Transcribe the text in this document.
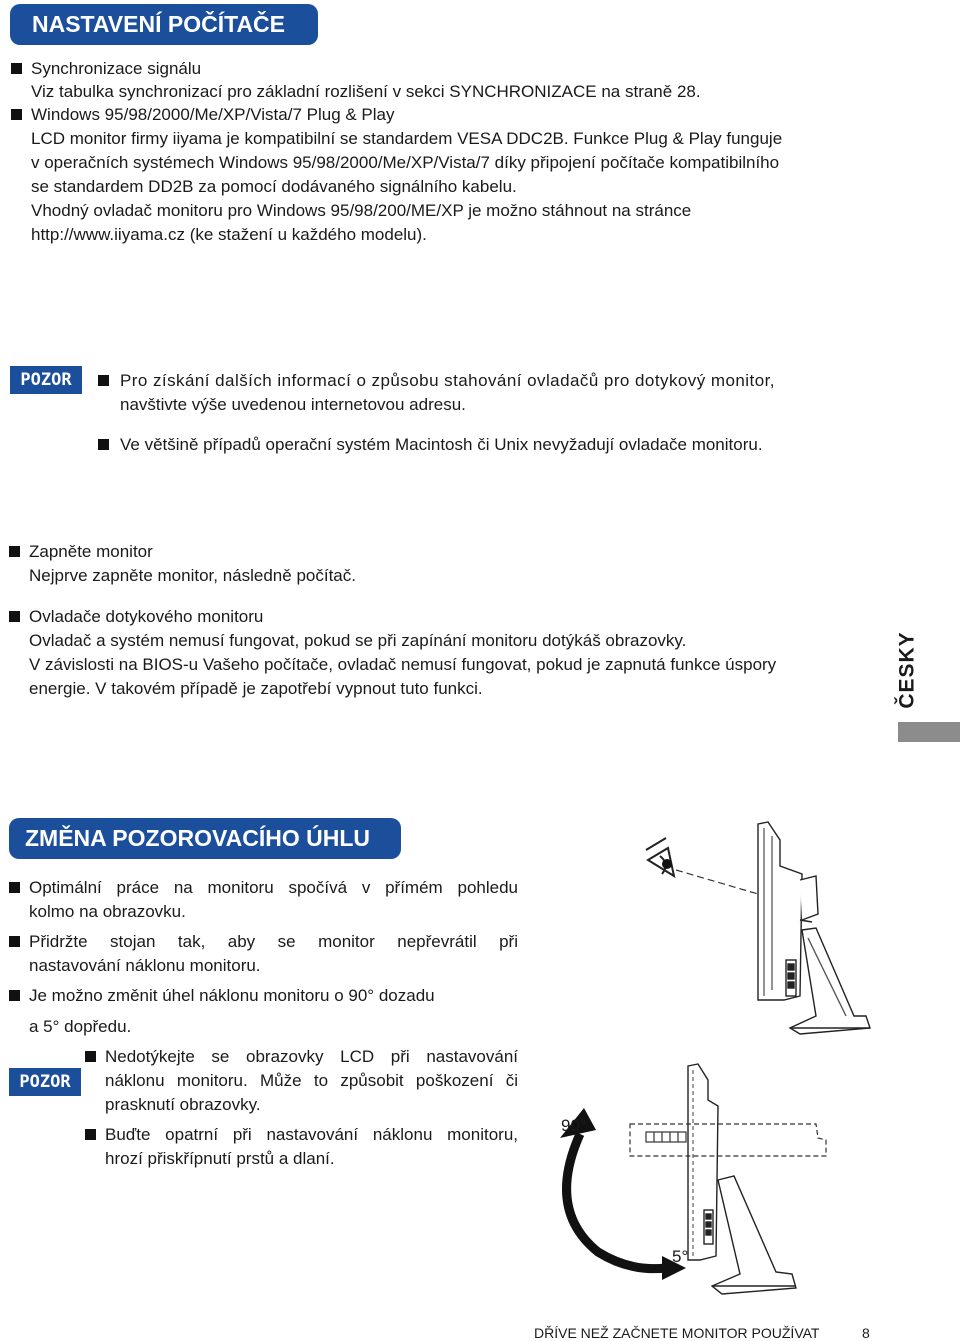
NASTAVENÍ POČÍTAČE

Synchronizace signálu

Viz tabulka synchronizací pro základní rozlišení v sekci SYNCHRONIZACE na straně 28.

Windows 95/98/2000/Me/XP/Vista/7 Plug & Play

LCD monitor firmy iiyama je kompatibilní se standardem VESA DDC2B. Funkce Plug & Play funguje

v operačních systémech Windows 95/98/2000/Me/XP/Vista/7 díky připojení počítače kompatibilního

se standardem DD2B za pomocí dodávaného signálního kabelu.

Vhodný ovladač monitoru pro Windows 95/98/200/ME/XP je možno stáhnout na stránce

http://www.iiyama.cz (ke stažení u každého modelu).

POZOR	Pro získání dalších informací o způsobu stahování ovladačů pro dotykový monitor,

navštivte výše uvedenou internetovou adresu.

Ve většině případů operační systém Macintosh či Unix nevyžadují ovladače monitoru.

Zapněte monitor

Nejprve zapněte monitor, následně počítač.

Ovladače dotykového monitoru

Ovladač a systém nemusí fungovat, pokud se při zapínání monitoru dotýkáš obrazovky.

V závislosti na BIOS-u Vašeho počítače, ovladač nemusí fungovat, pokud je zapnutá funkce úspory

energie. V takovém případě je zapotřebí vypnout tuto funkci.	ČESKY
ZMĚNA POZOROVACÍHO ÚHLU

Optimální práce na monitoru spočívá v přímém pohledu

kolmo na obrazovku.

Přidržte stojan tak, aby se monitor nepřevrátil při

nastavování náklonu monitoru.

Je možno změnit úhel náklonu monitoru o 90° dozadu

a 5° dopředu.

POZOR

Nedotýkejte se obrazovky LCD při nastavování

náklonu monitoru. Může to způsobit poškození či

prasknutí obrazovky.

Buďte opatrní při nastavování náklonu monitoru,

hrozí přiskřípnutí prstů a dlaní.

90°
5°
DŘÍVE NEŽ ZAČNETE MONITOR POUŽÍVAT	8
